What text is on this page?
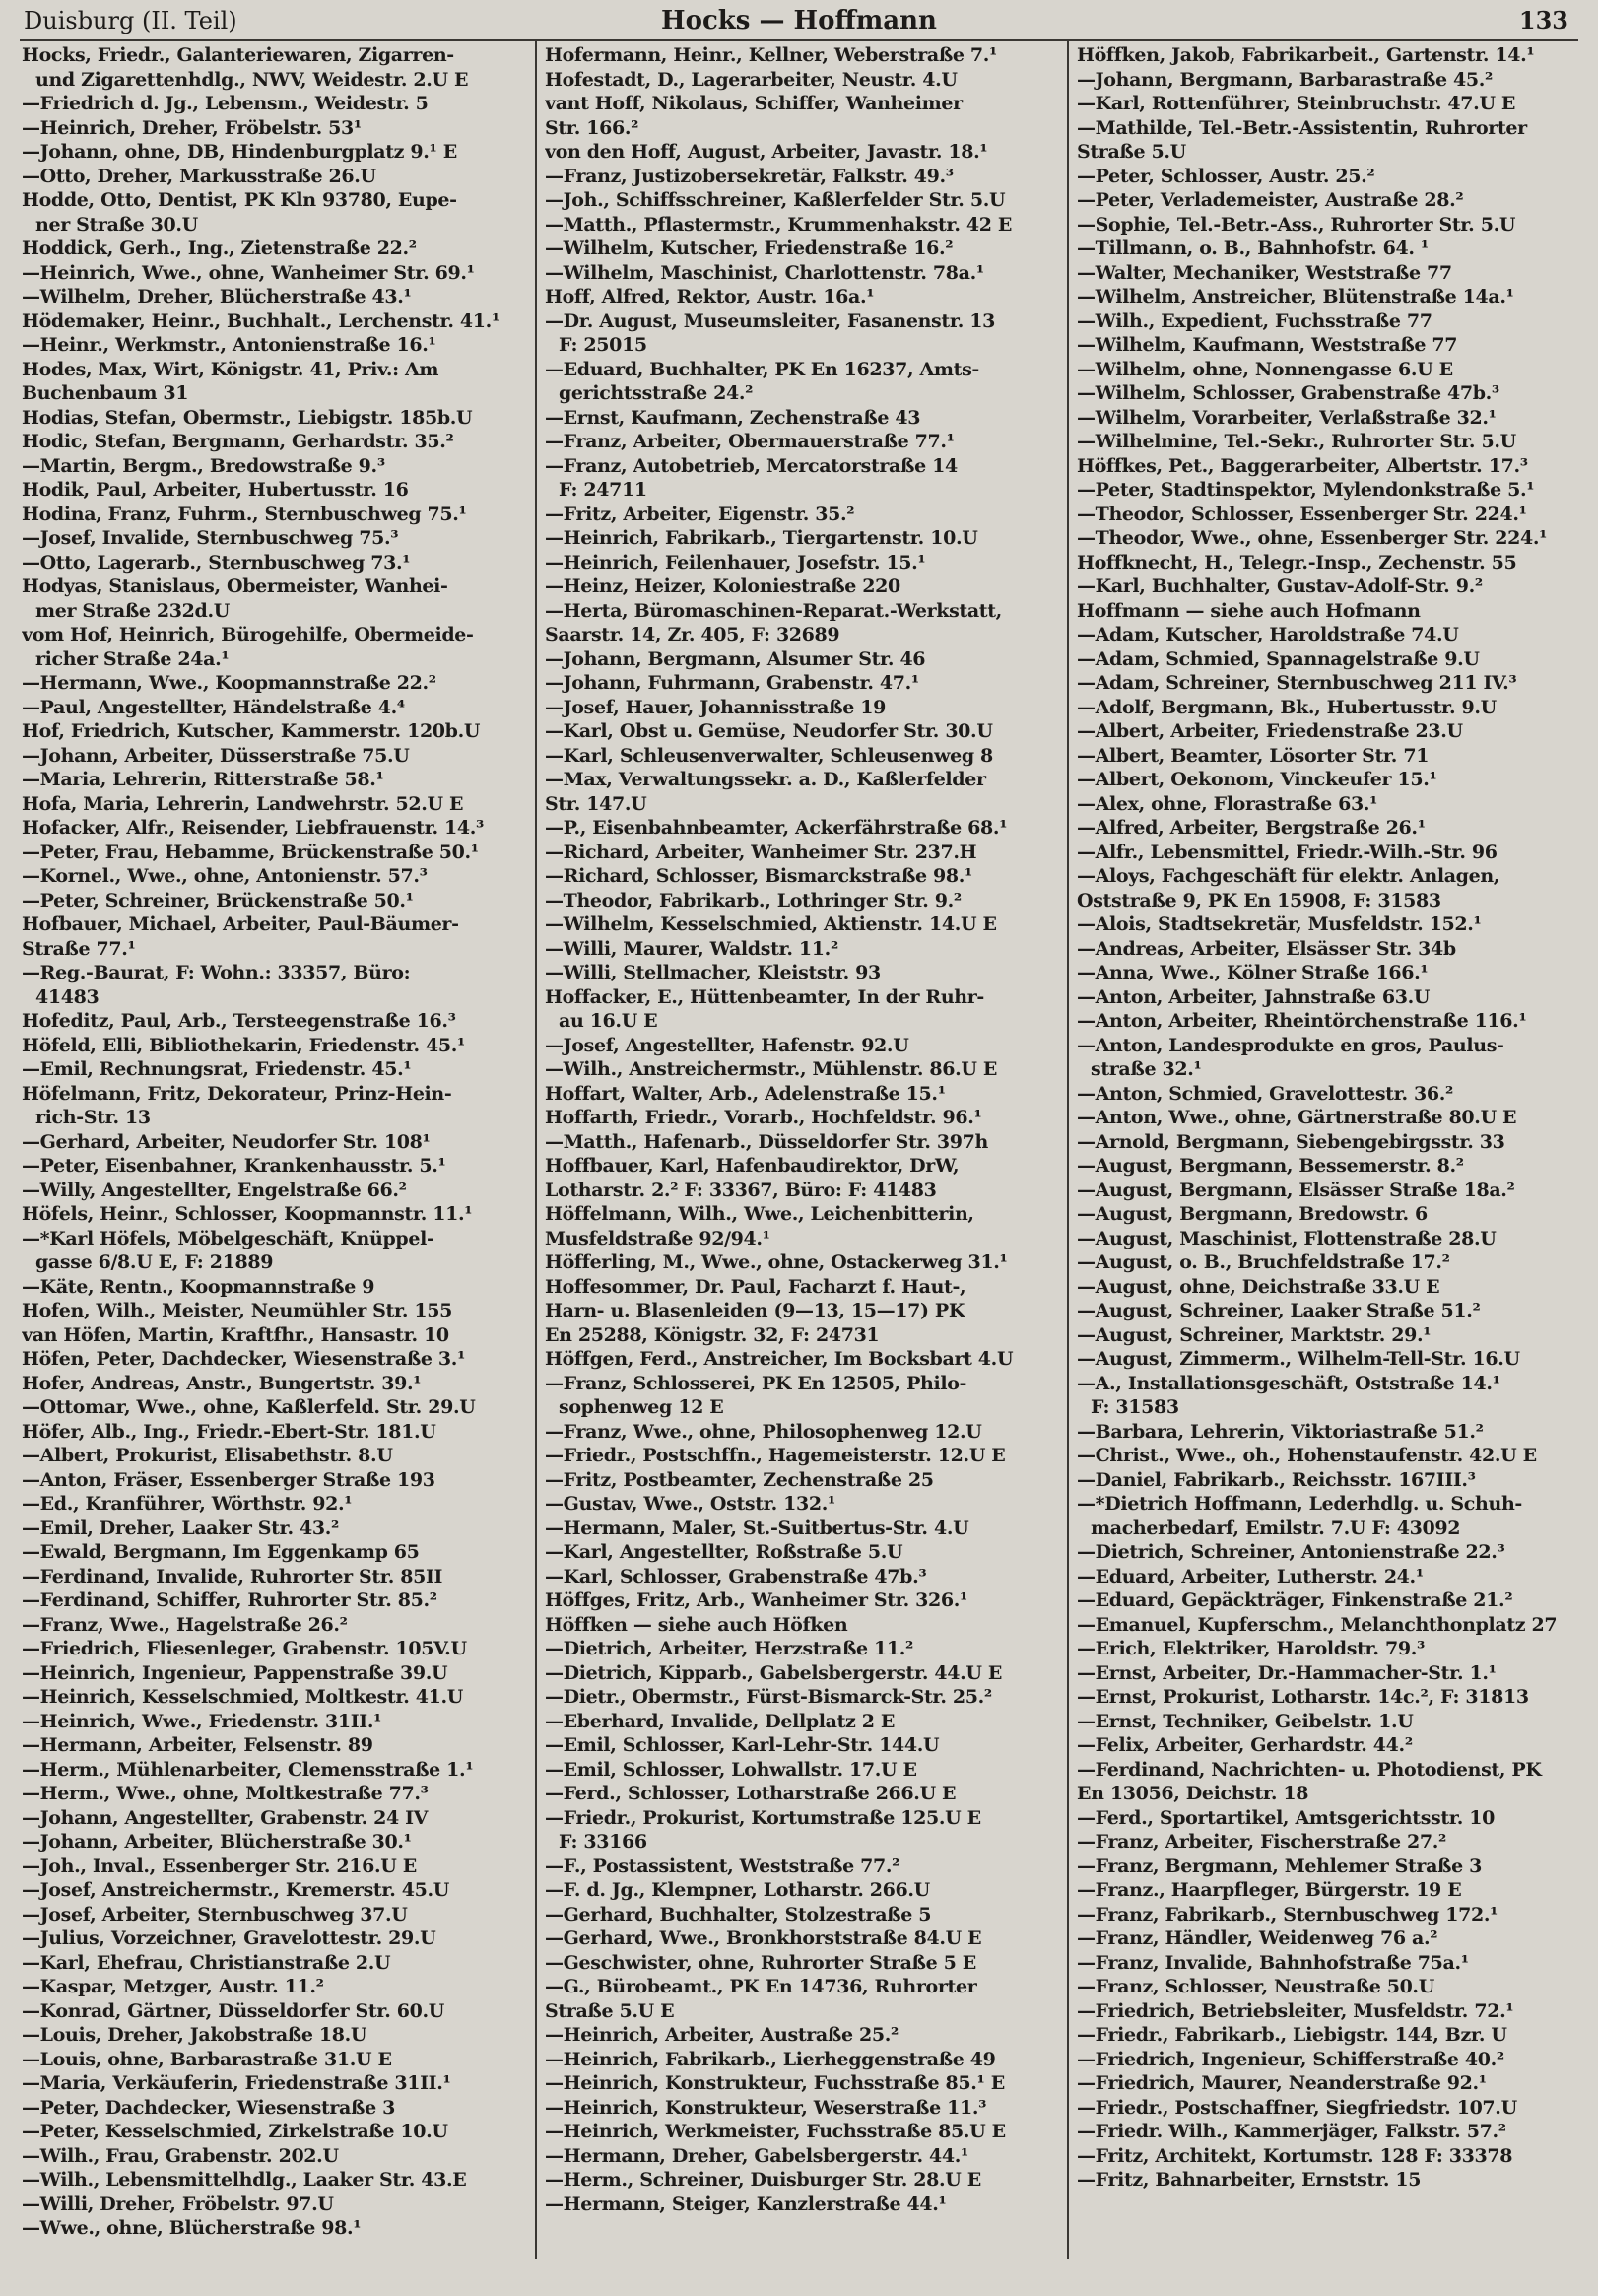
Hocks — Hoffmann
Duisburg (II. Teil)	133
Hocks, Friedr., Galanteriewaren, Zigarren-
und Zigarettenhdlg., NWV, Weidestr. 2.U E
—Friedrich d. Jg., Lebensm., Weidestr. 5
—Heinrich, Dreher, Fröbelstr. 53¹
—Johann, ohne, DB, Hindenburgplatz 9.¹ E
—Otto, Dreher, Markusstraße 26.U
Hodde, Otto, Dentist, PK Kln 93780, Eupe-
ner Straße 30.U
Hoddick, Gerh., Ing., Zietenstraße 22.²
—Heinrich, Wwe., ohne, Wanheimer Str. 69.¹
—Wilhelm, Dreher, Blücherstraße 43.¹
Hödemaker, Heinr., Buchhalt., Lerchenstr. 41.¹
—Heinr., Werkmstr., Antonienstraße 16.¹
Hodes, Max, Wirt, Königstr. 41, Priv.: Am
Buchenbaum 31
Hodias, Stefan, Obermstr., Liebigstr. 185b.U
Hodic, Stefan, Bergmann, Gerhardstr. 35.²
—Martin, Bergm., Bredowstraße 9.³
Hodik, Paul, Arbeiter, Hubertusstr. 16
Hodina, Franz, Fuhrm., Sternbuschweg 75.¹
—Josef, Invalide, Sternbuschweg 75.³
—Otto, Lagerarb., Sternbuschweg 73.¹
Hodyas, Stanislaus, Obermeister, Wanhei-
mer Straße 232d.U
vom Hof, Heinrich, Bürogehilfe, Obermeide-
richer Straße 24a.¹
—Hermann, Wwe., Koopmannstraße 22.²
—Paul, Angestellter, Händelstraße 4.⁴
Hof, Friedrich, Kutscher, Kammerstr. 120b.U
—Johann, Arbeiter, Düsserstraße 75.U
—Maria, Lehrerin, Ritterstraße 58.¹
Hofa, Maria, Lehrerin, Landwehrstr. 52.U E
Hofacker, Alfr., Reisender, Liebfrauenstr. 14.³
—Peter, Frau, Hebamme, Brückenstraße 50.¹
—Kornel., Wwe., ohne, Antonienstr. 57.³
—Peter, Schreiner, Brückenstraße 50.¹
Hofbauer, Michael, Arbeiter, Paul-Bäumer-
Straße 77.¹
—Reg.-Baurat, F: Wohn.: 33357, Büro:
41483
Hofeditz, Paul, Arb., Tersteegenstraße 16.³
Höfeld, Elli, Bibliothekarin, Friedenstr. 45.¹
—Emil, Rechnungsrat, Friedenstr. 45.¹
Höfelmann, Fritz, Dekorateur, Prinz-Hein-
rich-Str. 13
—Gerhard, Arbeiter, Neudorfer Str. 108¹
—Peter, Eisenbahner, Krankenhausstr. 5.¹
—Willy, Angestellter, Engelstraße 66.²
Höfels, Heinr., Schlosser, Koopmannstr. 11.¹
—*Karl Höfels, Möbelgeschäft, Knüppel-
gasse 6/8.U E, F: 21889
—Käte, Rentn., Koopmannstraße 9
Hofen, Wilh., Meister, Neumühler Str. 155
van Höfen, Martin, Kraftfhr., Hansastr. 10
Höfen, Peter, Dachdecker, Wiesenstraße 3.¹
Hofer, Andreas, Anstr., Bungertstr. 39.¹
—Ottomar, Wwe., ohne, Kaßlerfeld. Str. 29.U
Höfer, Alb., Ing., Friedr.-Ebert-Str. 181.U
—Albert, Prokurist, Elisabethstr. 8.U
—Anton, Fräser, Essenberger Straße 193
—Ed., Kranführer, Wörthstr. 92.¹
—Emil, Dreher, Laaker Str. 43.²
—Ewald, Bergmann, Im Eggenkamp 65
—Ferdinand, Invalide, Ruhrorter Str. 85II
—Ferdinand, Schiffer, Ruhrorter Str. 85.²
—Franz, Wwe., Hagelstraße 26.²
—Friedrich, Fliesenleger, Grabenstr. 105V.U
—Heinrich, Ingenieur, Pappenstraße 39.U
—Heinrich, Kesselschmied, Moltkestr. 41.U
—Heinrich, Wwe., Friedenstr. 31II.¹
—Hermann, Arbeiter, Felsenstr. 89
—Herm., Mühlenarbeiter, Clemensstraße 1.¹
—Herm., Wwe., ohne, Moltkestraße 77.³
—Johann, Angestellter, Grabenstr. 24 IV
—Johann, Arbeiter, Blücherstraße 30.¹
—Joh., Inval., Essenberger Str. 216.U E
—Josef, Anstreichermstr., Kremerstr. 45.U
—Josef, Arbeiter, Sternbuschweg 37.U
—Julius, Vorzeichner, Gravelottestr. 29.U
—Karl, Ehefrau, Christianstraße 2.U
—Kaspar, Metzger, Austr. 11.²
—Konrad, Gärtner, Düsseldorfer Str. 60.U
—Louis, Dreher, Jakobstraße 18.U
—Louis, ohne, Barbarastraße 31.U E
—Maria, Verkäuferin, Friedenstraße 31II.¹
—Peter, Dachdecker, Wiesenstraße 3
—Peter, Kesselschmied, Zirkelstraße 10.U
—Wilh., Frau, Grabenstr. 202.U
—Wilh., Lebensmittelhdlg., Laaker Str. 43.E
—Willi, Dreher, Fröbelstr. 97.U
—Wwe., ohne, Blücherstraße 98.¹
Hofermann, Heinr., Kellner, Weberstraße 7.¹
Hofestadt, D., Lagerarbeiter, Neustr. 4.U
vant Hoff, Nikolaus, Schiffer, Wanheimer
Str. 166.²
von den Hoff, August, Arbeiter, Javastr. 18.¹
—Franz, Justizobersekretär, Falkstr. 49.³
—Joh., Schiffsschreiner, Kaßlerfelder Str. 5.U
—Matth., Pflastermstr., Krummenhakstr. 42 E
—Wilhelm, Kutscher, Friedenstraße 16.²
—Wilhelm, Maschinist, Charlottenstr. 78a.¹
Hoff, Alfred, Rektor, Austr. 16a.¹
—Dr. August, Museumsleiter, Fasanenstr. 13
F: 25015
—Eduard, Buchhalter, PK En 16237, Amts-
gerichtsstraße 24.²
—Ernst, Kaufmann, Zechenstraße 43
—Franz, Arbeiter, Obermauerstraße 77.¹
—Franz, Autobetrieb, Mercatorstraße 14
F: 24711
—Fritz, Arbeiter, Eigenstr. 35.²
—Heinrich, Fabrikarb., Tiergartenstr. 10.U
—Heinrich, Feilenhauer, Josefstr. 15.¹
—Heinz, Heizer, Koloniestraße 220
—Herta, Büromaschinen-Reparat.-Werkstatt,
Saarstr. 14, Zr. 405, F: 32689
—Johann, Bergmann, Alsumer Str. 46
—Johann, Fuhrmann, Grabenstr. 47.¹
—Josef, Hauer, Johannisstraße 19
—Karl, Obst u. Gemüse, Neudorfer Str. 30.U
—Karl, Schleusenverwalter, Schleusenweg 8
—Max, Verwaltungssekr. a. D., Kaßlerfelder
Str. 147.U
—P., Eisenbahnbeamter, Ackerfährstraße 68.¹
—Richard, Arbeiter, Wanheimer Str. 237.H
—Richard, Schlosser, Bismarckstraße 98.¹
—Theodor, Fabrikarb., Lothringer Str. 9.²
—Wilhelm, Kesselschmied, Aktienstr. 14.U E
—Willi, Maurer, Waldstr. 11.²
—Willi, Stellmacher, Kleiststr. 93
Hoffacker, E., Hüttenbeamter, In der Ruhr-
au 16.U E
—Josef, Angestellter, Hafenstr. 92.U
—Wilh., Anstreichermstr., Mühlenstr. 86.U E
Hoffart, Walter, Arb., Adelenstraße 15.¹
Hoffarth, Friedr., Vorarb., Hochfeldstr. 96.¹
—Matth., Hafenarb., Düsseldorfer Str. 397h
Hoffbauer, Karl, Hafenbaudirektor, DrW,
Lotharstr. 2.² F: 33367, Büro: F: 41483
Höffelmann, Wilh., Wwe., Leichenbitterin,
Musfeldstraße 92/94.¹
Höfferling, M., Wwe., ohne, Ostackerweg 31.¹
Hoffesommer, Dr. Paul, Facharzt f. Haut-,
Harn- u. Blasenleiden (9—13, 15—17) PK
En 25288, Königstr. 32, F: 24731
Höffgen, Ferd., Anstreicher, Im Bocksbart 4.U
—Franz, Schlosserei, PK En 12505, Philo-
sophenweg 12 E
—Franz, Wwe., ohne, Philosophenweg 12.U
—Friedr., Postschffn., Hagemeisterstr. 12.U E
—Fritz, Postbeamter, Zechenstraße 25
—Gustav, Wwe., Oststr. 132.¹
—Hermann, Maler, St.-Suitbertus-Str. 4.U
—Karl, Angestellter, Roßstraße 5.U
—Karl, Schlosser, Grabenstraße 47b.³
Höffges, Fritz, Arb., Wanheimer Str. 326.¹
Höffken — siehe auch Höfken
—Dietrich, Arbeiter, Herzstraße 11.²
—Dietrich, Kipparb., Gabelsbergerstr. 44.U E
—Dietr., Obermstr., Fürst-Bismarck-Str. 25.²
—Eberhard, Invalide, Dellplatz 2 E
—Emil, Schlosser, Karl-Lehr-Str. 144.U
—Emil, Schlosser, Lohwallstr. 17.U E
—Ferd., Schlosser, Lotharstraße 266.U E
—Friedr., Prokurist, Kortumstraße 125.U E
F: 33166
—F., Postassistent, Weststraße 77.²
—F. d. Jg., Klempner, Lotharstr. 266.U
—Gerhard, Buchhalter, Stolzestraße 5
—Gerhard, Wwe., Bronkhorststraße 84.U E
—Geschwister, ohne, Ruhrorter Straße 5 E
—G., Bürobeamt., PK En 14736, Ruhrorter
Straße 5.U E
—Heinrich, Arbeiter, Austraße 25.²
—Heinrich, Fabrikarb., Lierheggenstraße 49
—Heinrich, Konstrukteur, Fuchsstraße 85.¹ E
—Heinrich, Konstrukteur, Weserstraße 11.³
—Heinrich, Werkmeister, Fuchsstraße 85.U E
—Hermann, Dreher, Gabelsbergerstr. 44.¹
—Herm., Schreiner, Duisburger Str. 28.U E
—Hermann, Steiger, Kanzlerstraße 44.¹
Höffken, Jakob, Fabrikarbeit., Gartenstr. 14.¹
—Johann, Bergmann, Barbarastraße 45.²
—Karl, Rottenführer, Steinbruchstr. 47.U E
—Mathilde, Tel.-Betr.-Assistentin, Ruhrorter
Straße 5.U
—Peter, Schlosser, Austr. 25.²
—Peter, Verlademeister, Austraße 28.²
—Sophie, Tel.-Betr.-Ass., Ruhrorter Str. 5.U
—Tillmann, o. B., Bahnhofstr. 64. ¹
—Walter, Mechaniker, Weststraße 77
—Wilhelm, Anstreicher, Blütenstraße 14a.¹
—Wilh., Expedient, Fuchsstraße 77
—Wilhelm, Kaufmann, Weststraße 77
—Wilhelm, ohne, Nonnengasse 6.U E
—Wilhelm, Schlosser, Grabenstraße 47b.³
—Wilhelm, Vorarbeiter, Verlaßstraße 32.¹
—Wilhelmine, Tel.-Sekr., Ruhrorter Str. 5.U
Höffkes, Pet., Baggerarbeiter, Albertstr. 17.³
—Peter, Stadtinspektor, Mylendonkstraße 5.¹
—Theodor, Schlosser, Essenberger Str. 224.¹
—Theodor, Wwe., ohne, Essenberger Str. 224.¹
Hoffknecht, H., Telegr.-Insp., Zechenstr. 55
—Karl, Buchhalter, Gustav-Adolf-Str. 9.²
Hoffmann — siehe auch Hofmann
—Adam, Kutscher, Haroldstraße 74.U
—Adam, Schmied, Spannagelstraße 9.U
—Adam, Schreiner, Sternbuschweg 211 IV.³
—Adolf, Bergmann, Bk., Hubertusstr. 9.U
—Albert, Arbeiter, Friedenstraße 23.U
—Albert, Beamter, Lösorter Str. 71
—Albert, Oekonom, Vinckeufer 15.¹
—Alex, ohne, Florastraße 63.¹
—Alfred, Arbeiter, Bergstraße 26.¹
—Alfr., Lebensmittel, Friedr.-Wilh.-Str. 96
—Aloys, Fachgeschäft für elektr. Anlagen,
Oststraße 9, PK En 15908, F: 31583
—Alois, Stadtsekretär, Musfeldstr. 152.¹
—Andreas, Arbeiter, Elsässer Str. 34b
—Anna, Wwe., Kölner Straße 166.¹
—Anton, Arbeiter, Jahnstraße 63.U
—Anton, Arbeiter, Rheintörchenstraße 116.¹
—Anton, Landesprodukte en gros, Paulus-
straße 32.¹
—Anton, Schmied, Gravelottestr. 36.²
—Anton, Wwe., ohne, Gärtnerstraße 80.U E
—Arnold, Bergmann, Siebengebirgsstr. 33
—August, Bergmann, Bessemerstr. 8.²
—August, Bergmann, Elsässer Straße 18a.²
—August, Bergmann, Bredowstr. 6
—August, Maschinist, Flottenstraße 28.U
—August, o. B., Bruchfeldstraße 17.²
—August, ohne, Deichstraße 33.U E
—August, Schreiner, Laaker Straße 51.²
—August, Schreiner, Marktstr. 29.¹
—August, Zimmerm., Wilhelm-Tell-Str. 16.U
—A., Installationsgeschäft, Oststraße 14.¹
F: 31583
—Barbara, Lehrerin, Viktoriastraße 51.²
—Christ., Wwe., oh., Hohenstaufenstr. 42.U E
—Daniel, Fabrikarb., Reichsstr. 167III.³
—*Dietrich Hoffmann, Lederhdlg. u. Schuh-
macherbedarf, Emilstr. 7.U F: 43092
—Dietrich, Schreiner, Antonienstraße 22.³
—Eduard, Arbeiter, Lutherstr. 24.¹
—Eduard, Gepäckträger, Finkenstraße 21.²
—Emanuel, Kupferschm., Melanchthonplatz 27
—Erich, Elektriker, Haroldstr. 79.³
—Ernst, Arbeiter, Dr.-Hammacher-Str. 1.¹
—Ernst, Prokurist, Lotharstr. 14c.², F: 31813
—Ernst, Techniker, Geibelstr. 1.U
—Felix, Arbeiter, Gerhardstr. 44.²
—Ferdinand, Nachrichten- u. Photodienst, PK
En 13056, Deichstr. 18
—Ferd., Sportartikel, Amtsgerichtsstr. 10
—Franz, Arbeiter, Fischerstraße 27.²
—Franz, Bergmann, Mehlemer Straße 3
—Franz., Haarpfleger, Bürgerstr. 19 E
—Franz, Fabrikarb., Sternbuschweg 172.¹
—Franz, Händler, Weidenweg 76 a.²
—Franz, Invalide, Bahnhofstraße 75a.¹
—Franz, Schlosser, Neustraße 50.U
—Friedrich, Betriebsleiter, Musfeldstr. 72.¹
—Friedr., Fabrikarb., Liebigstr. 144, Bzr. U
—Friedrich, Ingenieur, Schifferstraße 40.²
—Friedrich, Maurer, Neanderstraße 92.¹
—Friedr., Postschaffner, Siegfriedstr. 107.U
—Friedr. Wilh., Kammerjäger, Falkstr. 57.²
—Fritz, Architekt, Kortumstr. 128 F: 33378
—Fritz, Bahnarbeiter, Ernststr. 15
